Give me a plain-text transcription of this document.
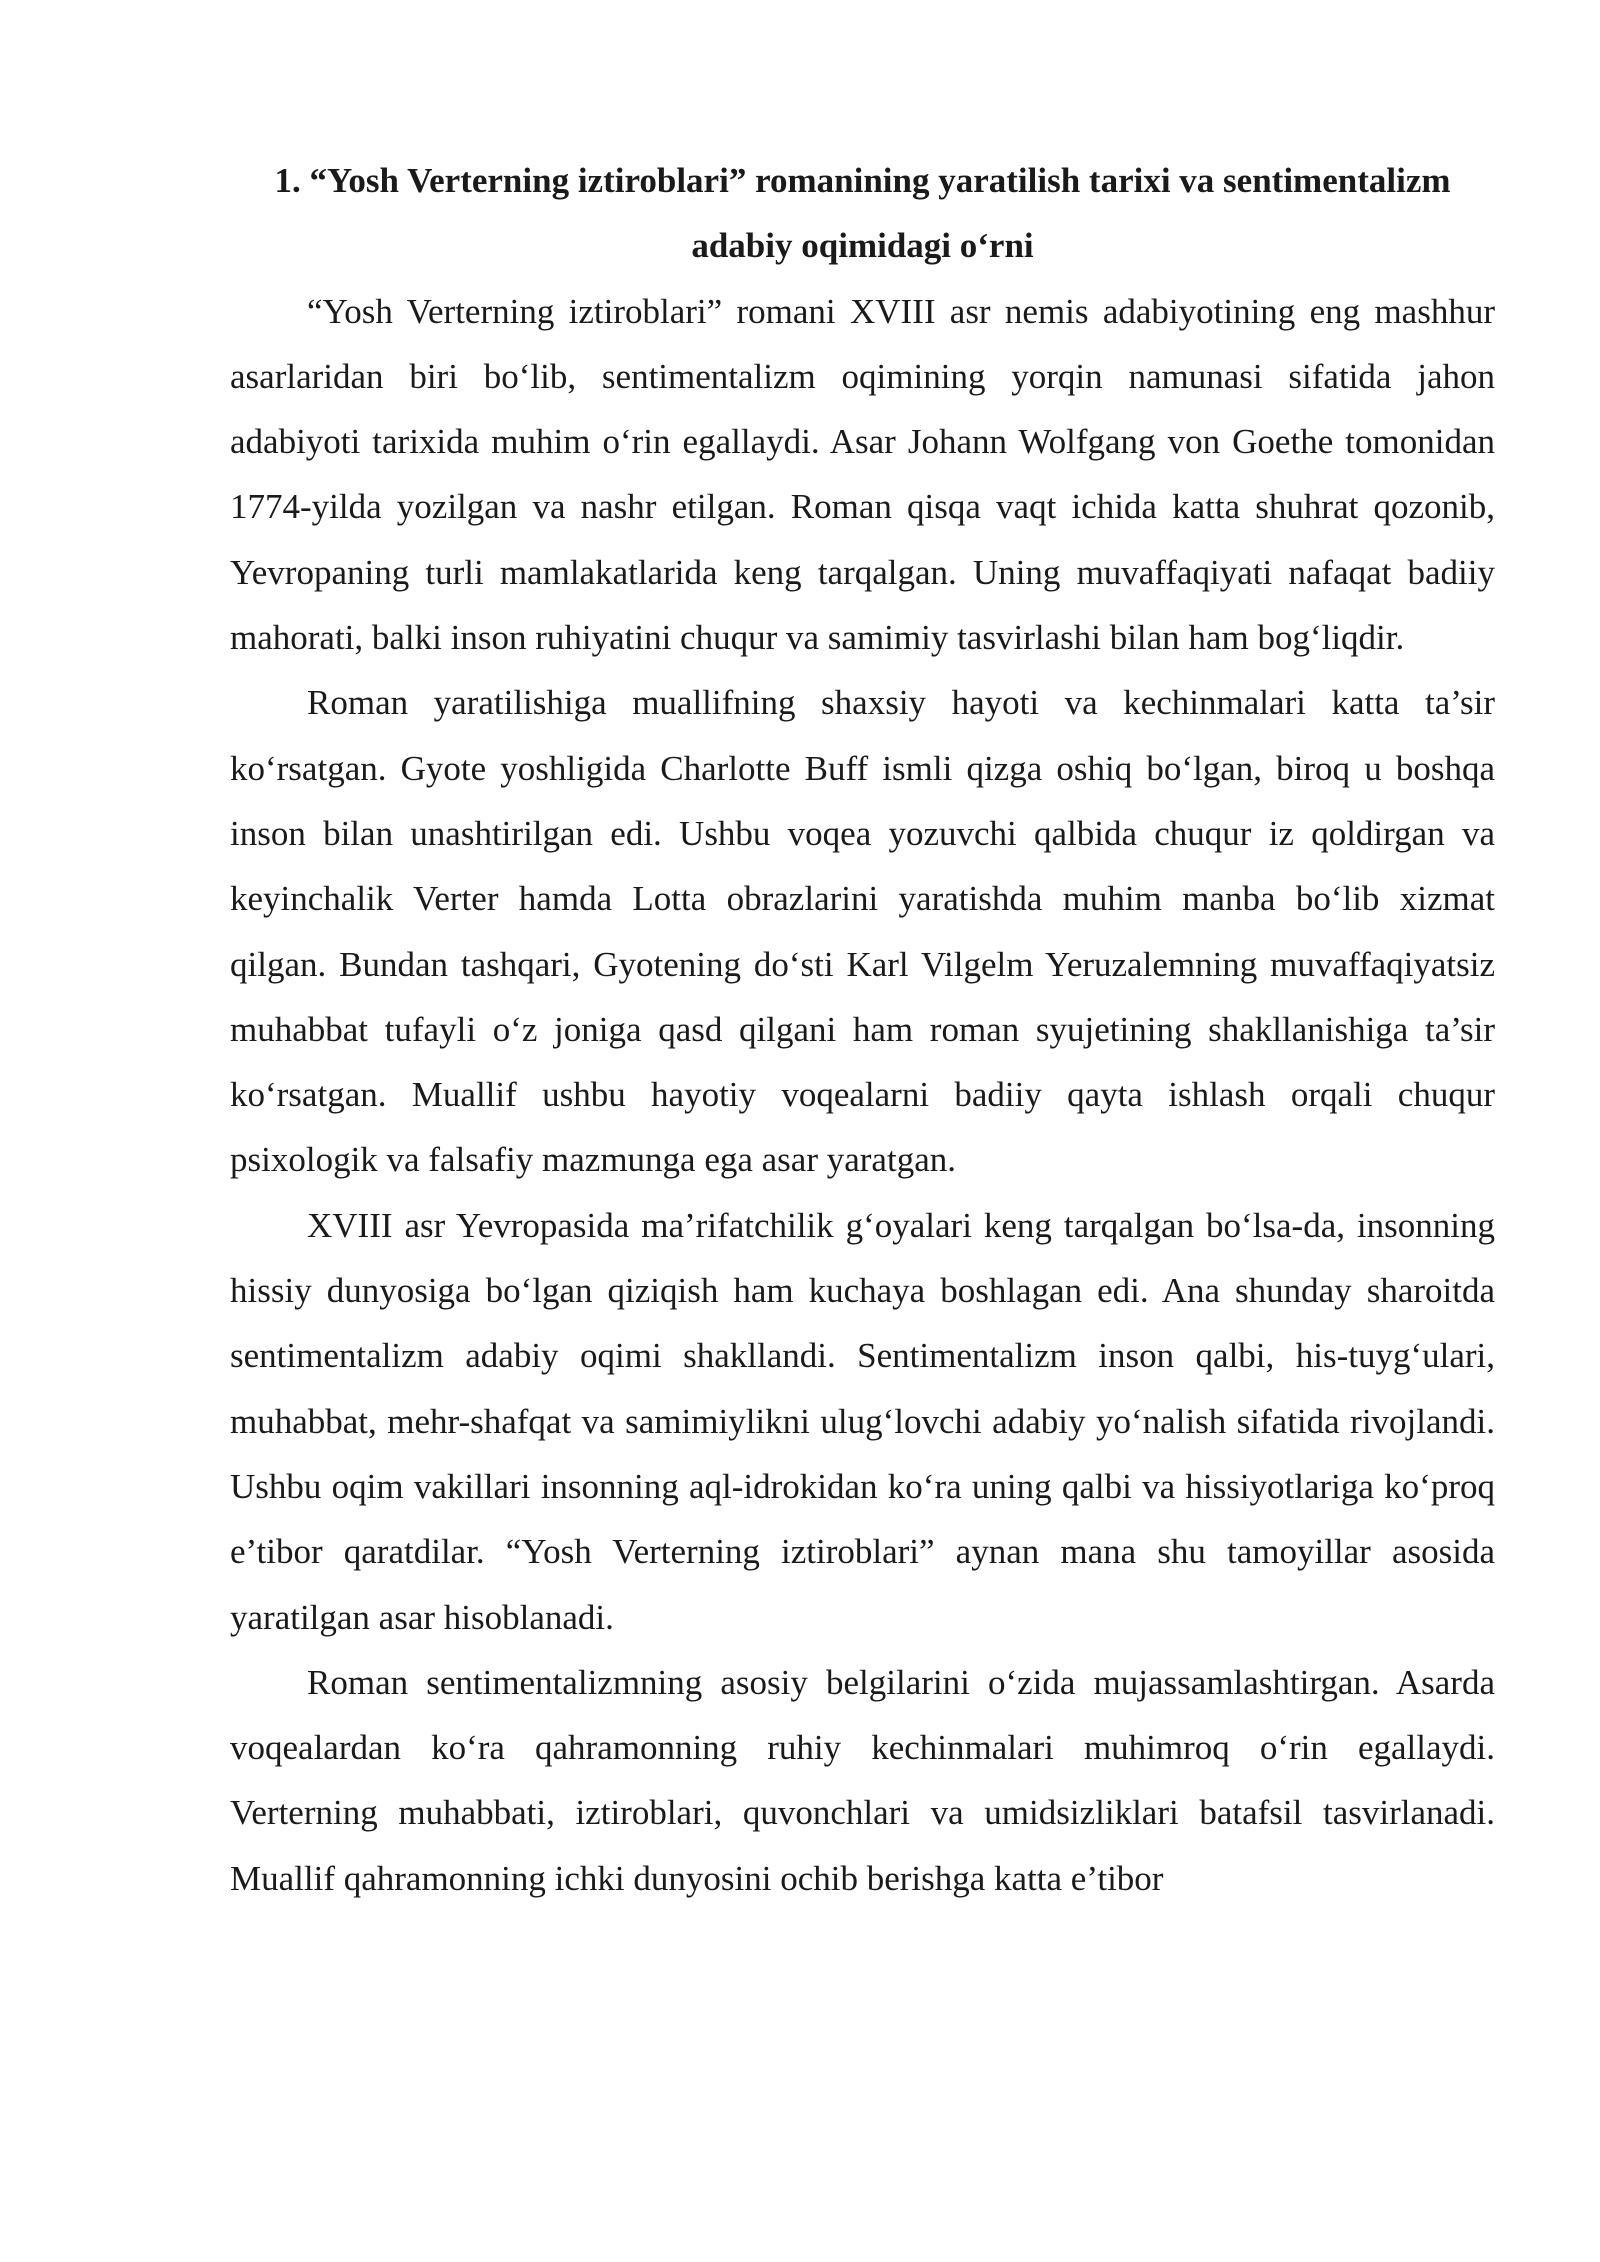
1. “Yosh Verterning iztiroblari” romanining yaratilish tarixi va sentimentalizm adabiy oqimidagi o‘rni

“Yosh Verterning iztiroblari” romani XVIII asr nemis adabiyotining eng mashhur asarlaridan biri bo‘lib, sentimentalizm oqimining yorqin namunasi sifatida jahon adabiyoti tarixida muhim o‘rin egallaydi. Asar Johann Wolfgang von Goethe tomonidan 1774-yilda yozilgan va nashr etilgan. Roman qisqa vaqt ichida katta shuhrat qozonib, Yevropaning turli mamlakatlarida keng tarqalgan. Uning muvaffaqiyati nafaqat badiiy mahorati, balki inson ruhiyatini chuqur va samimiy tasvirlashi bilan ham bog‘liqdir.

Roman yaratilishiga muallifning shaxsiy hayoti va kechinmalari katta ta’sir ko‘rsatgan. Gyote yoshligida Charlotte Buff ismli qizga oshiq bo‘lgan, biroq u boshqa inson bilan unashtirilgan edi. Ushbu voqea yozuvchi qalbida chuqur iz qoldirgan va keyinchalik Verter hamda Lotta obrazlarini yaratishda muhim manba bo‘lib xizmat qilgan. Bundan tashqari, Gyotening do‘sti Karl Vilgelm Yeruzalemning muvaffaqiyatsiz muhabbat tufayli o‘z joniga qasd qilgani ham roman syujetining shakllanishiga ta’sir ko‘rsatgan. Muallif ushbu hayotiy voqealarni badiiy qayta ishlash orqali chuqur psixologik va falsafiy mazmunga ega asar yaratgan.

XVIII asr Yevropasida ma’rifatchilik g‘oyalari keng tarqalgan bo‘lsa-da, insonning hissiy dunyosiga bo‘lgan qiziqish ham kuchaya boshlagan edi. Ana shunday sharoitda sentimentalizm adabiy oqimi shakllandi. Sentimentalizm inson qalbi, his-tuyg‘ulari, muhabbat, mehr-shafqat va samimiylikni ulug‘lovchi adabiy yo‘nalish sifatida rivojlandi. Ushbu oqim vakillari insonning aql-idrokidan ko‘ra uning qalbi va hissiyotlariga ko‘proq e’tibor qaratdilar. “Yosh Verterning iztiroblari” aynan mana shu tamoyillar asosida yaratilgan asar hisoblanadi.

Roman sentimentalizmning asosiy belgilarini o‘zida mujassamlashtirgan. Asarda voqealardan ko‘ra qahramonning ruhiy kechinmalari muhimroq o‘rin egallaydi. Verterning muhabbati, iztiroblari, quvonchlari va umidsizliklari batafsil tasvirlanadi. Muallif qahramonning ichki dunyosini ochib berishga katta e’tibor
